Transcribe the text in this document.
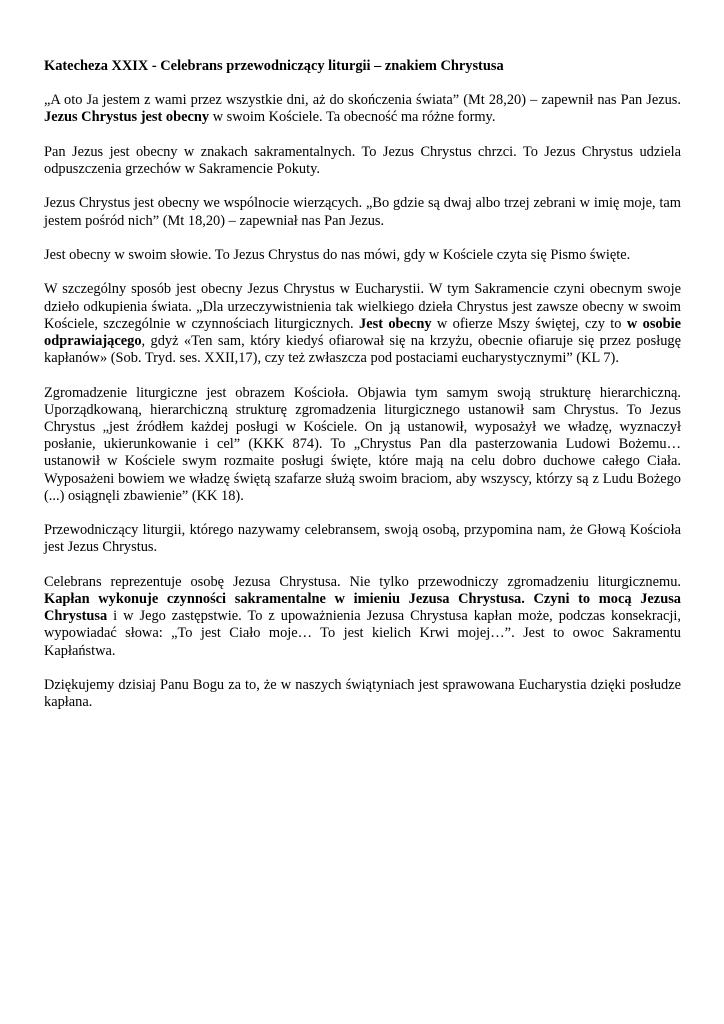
Katecheza XXIX - Celebrans przewodniczący liturgii – znakiem Chrystusa

„A oto Ja jestem z wami przez wszystkie dni, aż do skończenia świata” (Mt 28,20) – zapewnił nas Pan Jezus. Jezus Chrystus jest obecny w swoim Kościele. Ta obecność ma różne formy.

Pan Jezus jest obecny w znakach sakramentalnych. To Jezus Chrystus chrzci. To Jezus Chrystus udziela odpuszczenia grzechów w Sakramencie Pokuty.

Jezus Chrystus jest obecny we wspólnocie wierzących. „Bo gdzie są dwaj albo trzej zebrani w imię moje, tam jestem pośród nich” (Mt 18,20) – zapewniał nas Pan Jezus.

Jest obecny w swoim słowie. To Jezus Chrystus do nas mówi, gdy w Kościele czyta się Pismo święte.

W szczególny sposób jest obecny Jezus Chrystus w Eucharystii. W tym Sakramencie czyni obecnym swoje dzieło odkupienia świata. „Dla urzeczywistnienia tak wielkiego dzieła Chrystus jest zawsze obecny w swoim Kościele, szczególnie w czynnościach liturgicznych. Jest obecny w ofierze Mszy świętej, czy to w osobie odprawiającego, gdyż «Ten sam, który kiedyś ofiarował się na krzyżu, obecnie ofiaruje się przez posługę kapłanów» (Sob. Tryd. ses. XXII,17), czy też zwłaszcza pod postaciami eucharystycznymi” (KL 7).

Zgromadzenie liturgiczne jest obrazem Kościoła. Objawia tym samym swoją strukturę hierarchiczną. Uporządkowaną, hierarchiczną strukturę zgromadzenia liturgicznego ustanowił sam Chrystus. To Jezus Chrystus „jest źródłem każdej posługi w Kościele. On ją ustanowił, wyposażył we władzę, wyznaczył posłanie, ukierunkowanie i cel” (KKK 874). To „Chrystus Pan dla pasterzowania Ludowi Bożemu… ustanowił w Kościele swym rozmaite posługi święte, które mają na celu dobro duchowe całego Ciała. Wyposażeni bowiem we władzę świętą szafarze służą swoim braciom, aby wszyscy, którzy są z Ludu Bożego (...) osiągnęli zbawienie” (KK 18).

Przewodniczący liturgii, którego nazywamy celebransem, swoją osobą, przypomina nam, że Głową Kościoła jest Jezus Chrystus.

Celebrans reprezentuje osobę Jezusa Chrystusa. Nie tylko przewodniczy zgromadzeniu liturgicznemu. Kapłan wykonuje czynności sakramentalne w imieniu Jezusa Chrystusa. Czyni to mocą Jezusa Chrystusa i w Jego zastępstwie. To z upoważnienia Jezusa Chrystusa kapłan może, podczas konsekracji, wypowiadać słowa: „To jest Ciało moje… To jest kielich Krwi mojej…”. Jest to owoc Sakramentu Kapłaństwa.

Dziękujemy dzisiaj Panu Bogu za to, że w naszych świątyniach jest sprawowana Eucharystia dzięki posłudze kapłana.
